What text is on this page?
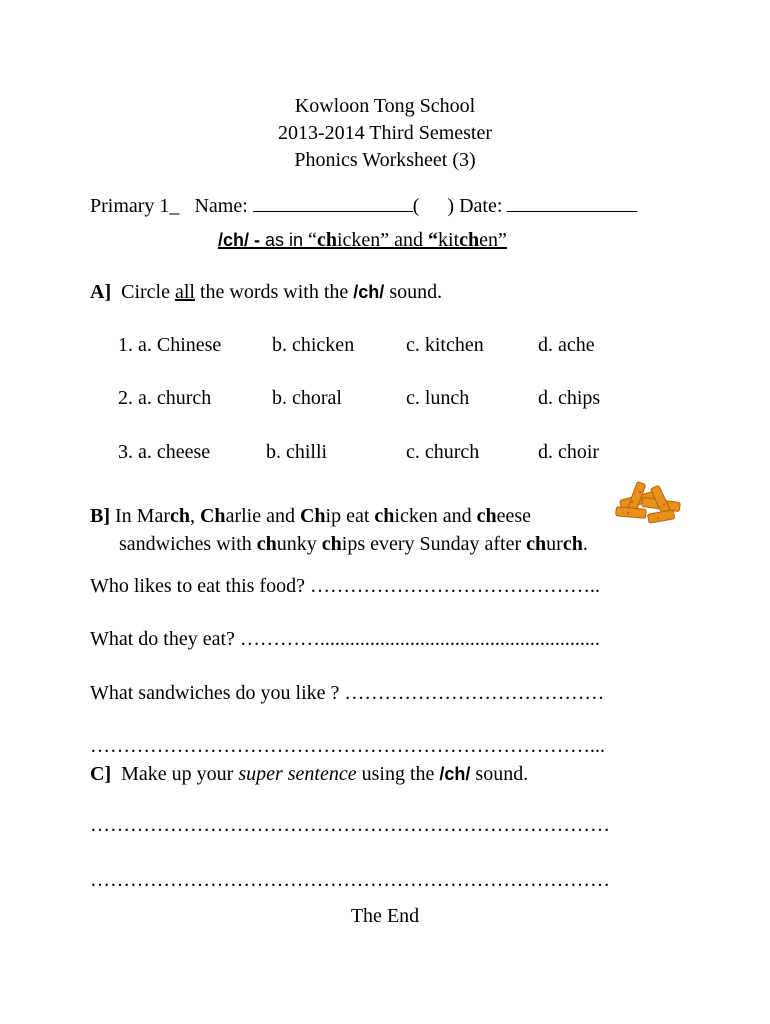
Kowloon Tong School
2013-2014 Third Semester
Phonics Worksheet (3)
Primary 1_ Name:	( ) Date:
/ch/ - as in “chicken” and “kitchen”
A] Circle all the words with the /ch/ sound.
1. a. Chinese	b. chicken	c. kitchen	d. ache
2. a. church	b. choral	c. lunch	d. chips
3. a. cheese	b. chilli	c. church	d. choir
B] In March, Charlie and Chip eat chicken and cheese
sandwiches with chunky chips every Sunday after church.
Who likes to eat this food? ……………………………………..
What do they eat? …………........................................................
What sandwiches do you like ? …………………………………
…………………………………………………………………...
C] Make up your super sentence using the /ch/ sound.
……………………………………………………………………
……………………………………………………………………
The End
